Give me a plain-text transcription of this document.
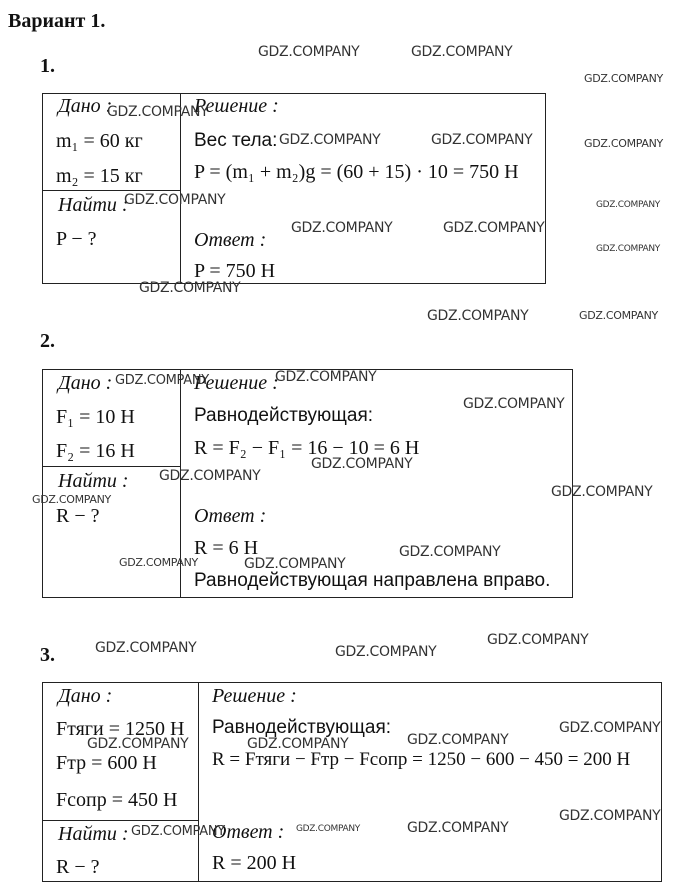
Вариант 1.
1.
Дано :
m₁ = 60 кг
m₂ = 15 кг
Найти :
P − ?
Решение :
Вес тела:
P = (m₁ + m₂)g = (60 + 15) · 10 = 750 Н
Ответ :
P = 750 Н
2.
Дано :
F₁ = 10 Н
F₂ = 16 Н
Найти :
R − ?
Решение :
Равнодействующая:
R = F₂ − F₁ = 16 − 10 = 6 Н
Ответ :
R = 6 Н
Равнодействующая направлена вправо.
3.
Дано :
Fтяги = 1250 Н
Fтр = 600 Н
Fсопр = 450 Н
Найти :
R − ?
Решение :
Равнодействующая:
R = Fтяги − Fтр − Fсопр = 1250 − 600 − 450 = 200 Н
Ответ :
R = 200 Н
GDZ.COMPANY	GDZ.COMPANY
GDZ.COMPANY
GDZ.COMPANY
GDZ.COMPANY	GDZ.COMPANY	GDZ.COMPANY
GDZ.COMPANY	GDZ.COMPANY
GDZ.COMPANY	GDZ.COMPANY
GDZ.COMPANY
GDZ.COMPANY
GDZ.COMPANY	GDZ.COMPANY
GDZ.COMPANY	GDZ.COMPANY
GDZ.COMPANY
GDZ.COMPANY
GDZ.COMPANY
GDZ.COMPANY
GDZ.COMPANY
GDZ.COMPANY
GDZ.COMPANY	GDZ.COMPANY
GDZ.COMPANY	GDZ.COMPANY
GDZ.COMPANY
GDZ.COMPANY
GDZ.COMPANY
GDZ.COMPANY	GDZ.COMPANY
GDZ.COMPANY
GDZ.COMPANY
GDZ.COMPANY	GDZ.COMPANY
